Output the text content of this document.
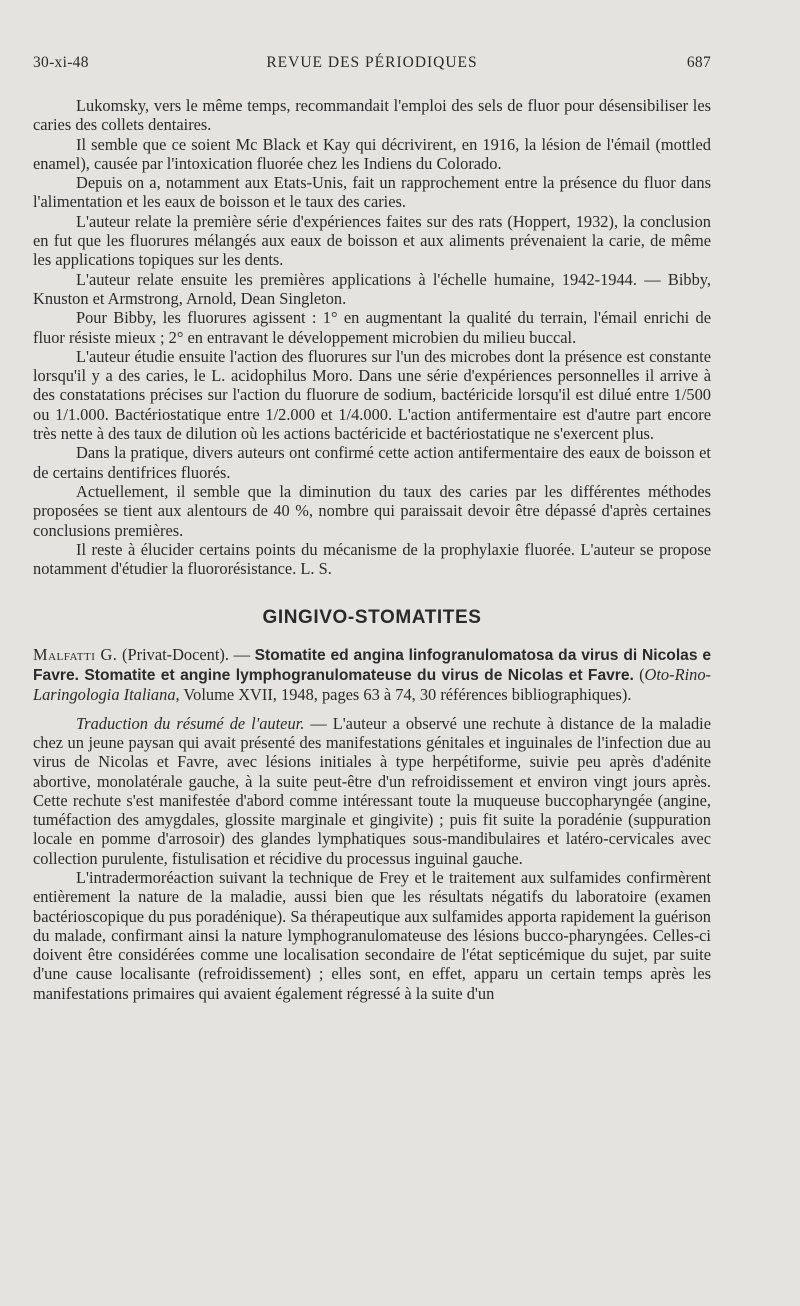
30-xi-48	REVUE DES PÉRIODIQUES	687

Lukomsky, vers le même temps, recommandait l'emploi des sels de fluor pour désensibiliser les caries des collets dentaires.

Il semble que ce soient Mc Black et Kay qui décrivirent, en 1916, la lésion de l'émail (mottled enamel), causée par l'intoxication fluorée chez les Indiens du Colorado.

Depuis on a, notamment aux Etats-Unis, fait un rapprochement entre la présence du fluor dans l'alimentation et les eaux de boisson et le taux des caries.

L'auteur relate la première série d'expériences faites sur des rats (Hoppert, 1932), la conclusion en fut que les fluorures mélangés aux eaux de boisson et aux aliments prévenaient la carie, de même les applications topiques sur les dents.

L'auteur relate ensuite les premières applications à l'échelle humaine, 1942-1944. — Bibby, Knuston et Armstrong, Arnold, Dean Singleton.

Pour Bibby, les fluorures agissent : 1° en augmentant la qualité du terrain, l'émail enrichi de fluor résiste mieux ; 2° en entravant le développement microbien du milieu buccal.

L'auteur étudie ensuite l'action des fluorures sur l'un des microbes dont la présence est constante lorsqu'il y a des caries, le L. acidophilus Moro. Dans une série d'expériences personnelles il arrive à des constatations précises sur l'action du fluorure de sodium, bactéricide lorsqu'il est dilué entre 1/500 ou 1/1.000. Bactériostatique entre 1/2.000 et 1/4.000. L'action antifermentaire est d'autre part encore très nette à des taux de dilution où les actions bactéricide et bactériostatique ne s'exercent plus.

Dans la pratique, divers auteurs ont confirmé cette action antifermentaire des eaux de boisson et de certains dentifrices fluorés.

Actuellement, il semble que la diminution du taux des caries par les différentes méthodes proposées se tient aux alentours de 40 %, nombre qui paraissait devoir être dépassé d'après certaines conclusions premières.

Il reste à élucider certains points du mécanisme de la prophylaxie fluorée. L'auteur se propose notamment d'étudier la fluororésistance. L. S.

GINGIVO-STOMATITES

Malfatti G. (Privat-Docent). — Stomatite ed angina linfogranulomatosa da virus di Nicolas e Favre. Stomatite et angine lymphogranulomateuse du virus de Nicolas et Favre. (Oto-Rino-Laringologia Italiana, Volume XVII, 1948, pages 63 à 74, 30 références bibliographiques).

Traduction du résumé de l'auteur. — L'auteur a observé une rechute à distance de la maladie chez un jeune paysan qui avait présenté des manifestations génitales et inguinales de l'infection due au virus de Nicolas et Favre, avec lésions initiales à type herpétiforme, suivie peu après d'adénite abortive, monolatérale gauche, à la suite peut-être d'un refroidissement et environ vingt jours après. Cette rechute s'est manifestée d'abord comme intéressant toute la muqueuse buccopharyngée (angine, tuméfaction des amygdales, glossite marginale et gingivite) ; puis fit suite la poradénie (suppuration locale en pomme d'arrosoir) des glandes lymphatiques sous-mandibulaires et latéro-cervicales avec collection purulente, fistulisation et récidive du processus inguinal gauche.

L'intradermoréaction suivant la technique de Frey et le traitement aux sulfamides confirmèrent entièrement la nature de la maladie, aussi bien que les résultats négatifs du laboratoire (examen bactérioscopique du pus poradénique). Sa thérapeutique aux sulfamides apporta rapidement la guérison du malade, confirmant ainsi la nature lymphogranulomateuse des lésions bucco-pharyngées. Celles-ci doivent être considérées comme une localisation secondaire de l'état septicémique du sujet, par suite d'une cause localisante (refroidissement) ; elles sont, en effet, apparu un certain temps après les manifestations primaires qui avaient également régressé à la suite d'un
